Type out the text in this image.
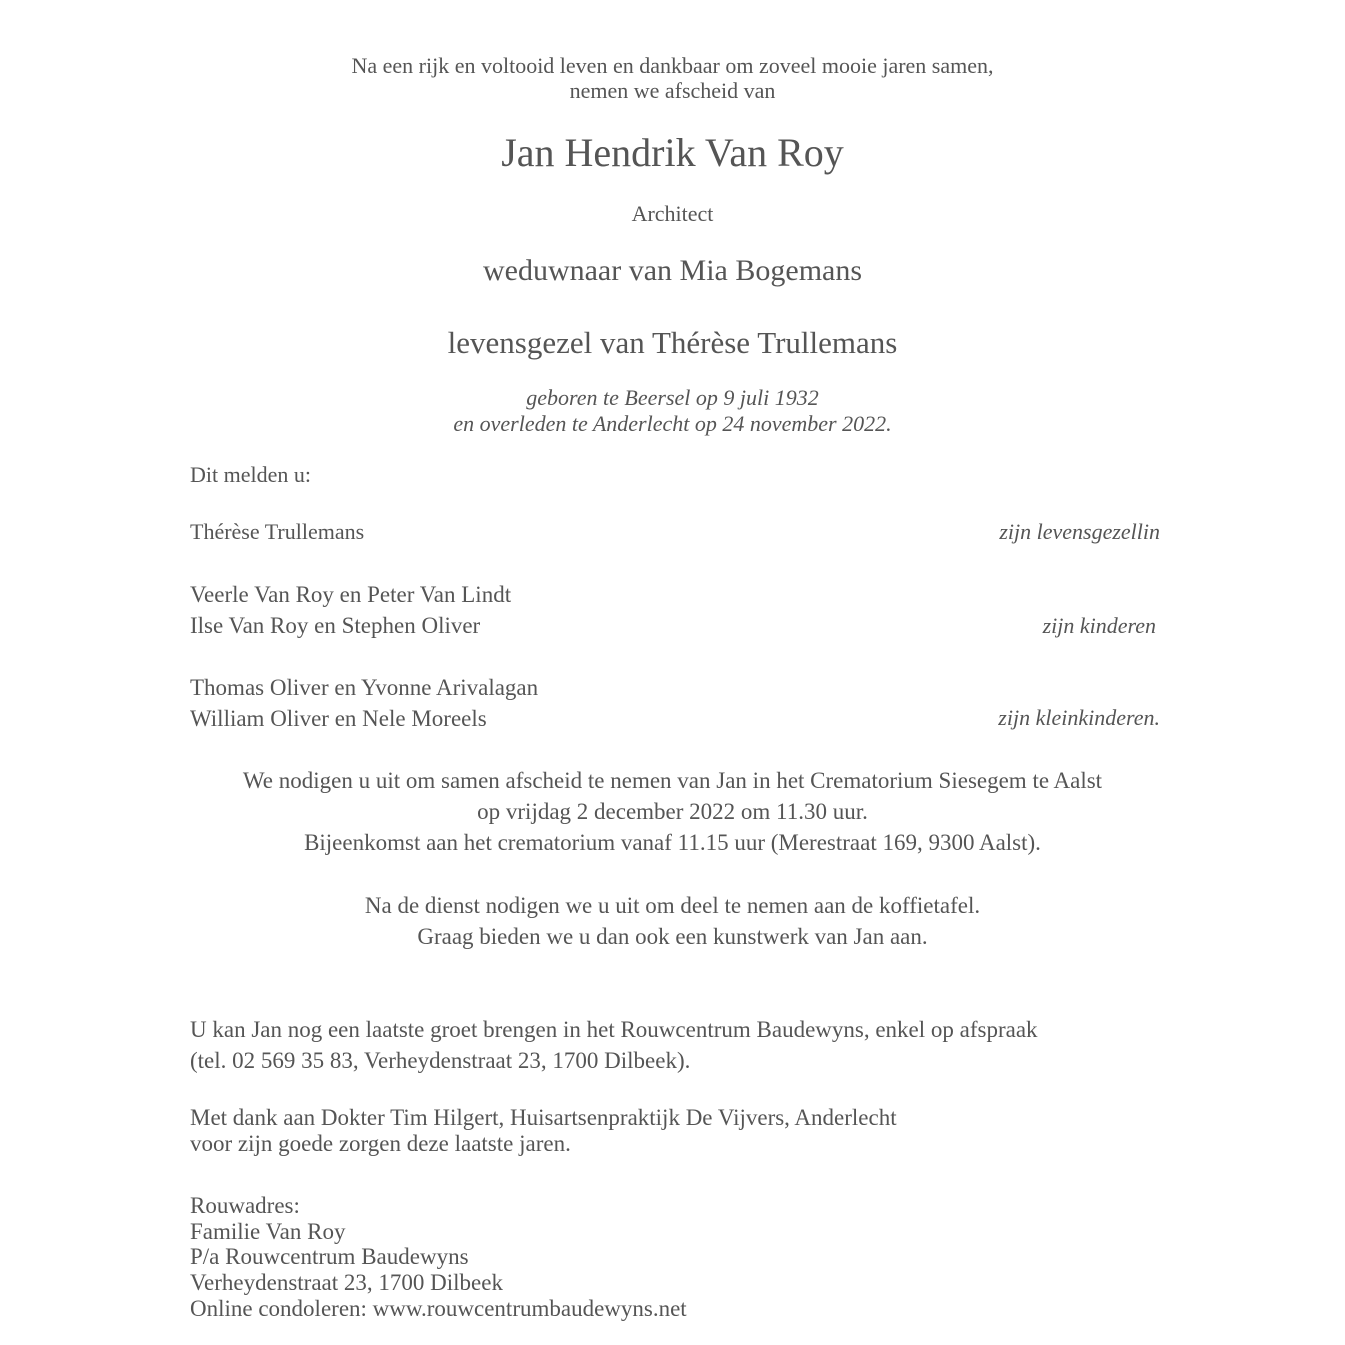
Na een rijk en voltooid leven en dankbaar om zoveel mooie jaren samen,
nemen we afscheid van
Jan Hendrik Van Roy
Architect
weduwnaar van Mia Bogemans
levensgezel van Thérèse Trullemans
geboren te Beersel op 9 juli 1932
en overleden te Anderlecht op 24 november 2022.
Dit melden u:
Thérèse Trullemans	zijn levensgezellin
Veerle Van Roy en Peter Van Lindt
Ilse Van Roy en Stephen Oliver	zijn kinderen
Thomas Oliver en Yvonne Arivalagan
William Oliver en Nele Moreels	zijn kleinkinderen.
We nodigen u uit om samen afscheid te nemen van Jan in het Crematorium Siesegem te Aalst
op vrijdag 2 december 2022 om 11.30 uur.
Bijeenkomst aan het crematorium vanaf 11.15 uur (Merestraat 169, 9300 Aalst).
Na de dienst nodigen we u uit om deel te nemen aan de koffietafel.
Graag bieden we u dan ook een kunstwerk van Jan aan.
U kan Jan nog een laatste groet brengen in het Rouwcentrum Baudewyns, enkel op afspraak
(tel. 02 569 35 83, Verheydenstraat 23, 1700 Dilbeek).
Met dank aan Dokter Tim Hilgert, Huisartsenpraktijk De Vijvers, Anderlecht
voor zijn goede zorgen deze laatste jaren.
Rouwadres:
Familie Van Roy
P/a Rouwcentrum Baudewyns
Verheydenstraat 23, 1700 Dilbeek
Online condoleren: www.rouwcentrumbaudewyns.net
